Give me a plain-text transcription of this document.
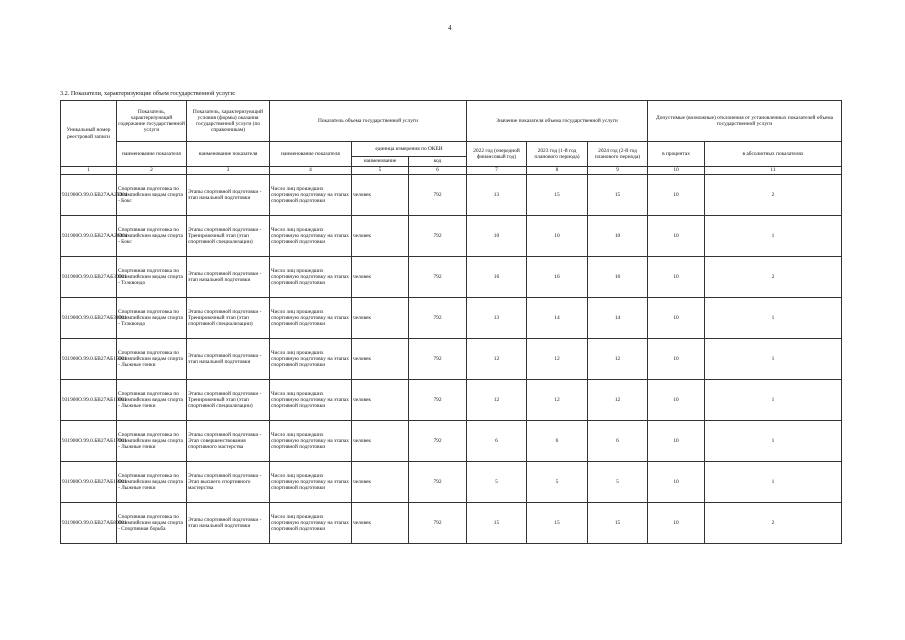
4
3.2. Показатели, характеризующие объем государственной услуги:
Уникальный номер реестровой записи	Показатель, характеризующий содержание государственной услуги	Показатель, характеризующий условия (формы) оказания государственной услуги (по справочникам)	Показатель объема государственной услуги			Значение показателя объема государственной услуги			Допустимые (возможные) отклонения от установленных показателей объема государственной услуги	
	наименование показателя	наименование показателя	наименование показателя	единица измерения по ОКЕИ		2022 год (очередной финансовый год)	2023 год (1-й год планового периода)	2024 год (2-й год планового периода)	в процентах	в абсолютных показателях
				наименование	код					
1	2	3	4	5	6	7	8	9	10	11
931900О.99.0.БВ27АА25001	Спортивная подготовка по Олимпийским видам спорта - Бокс	Этапы спортивной подготовки - этап начальной подготовки	Число лиц прошедших спортивную подготовку на этапах спортивной подготовки	человек	792	13	15	15	10	2
931900О.99.0.БВ27АА26001	Спортивная подготовка по Олимпийским видам спорта - Бокс	Этапы спортивной подготовки - Тренировочный этап (этап спортивной специализации)	Число лиц прошедших спортивную подготовку на этапах спортивной подготовки	человек	792	10	10	10	10	1
931900О.99.0.БВ27АБ30001	Спортивная подготовка по Олимпийским видам спорта - Тхэквондо	Этапы спортивной подготовки - этап начальной подготовки	Число лиц прошедших спортивную подготовку на этапах спортивной подготовки	человек	792	16	16	16	10	2
931900О.99.0.БВ27АБ31001	Спортивная подготовка по Олимпийским видам спорта - Тхэквондо	Этапы спортивной подготовки - Тренировочный этап (этап спортивной специализации)	Число лиц прошедших спортивную подготовку на этапах спортивной подготовки	человек	792	13	14	14	10	1
931900О.99.0.БВ27АБ15001	Спортивная подготовка по Олимпийским видам спорта - Лыжные гонки	Этапы спортивной подготовки - этап начальной подготовки	Число лиц прошедших спортивную подготовку на этапах спортивной подготовки	человек	792	12	12	12	10	1
931900О.99.0.БВ27АБ16001	Спортивная подготовка по Олимпийским видам спорта - Лыжные гонки	Этапы спортивной подготовки - Тренировочный этап (этап спортивной специализации)	Число лиц прошедших спортивную подготовку на этапах спортивной подготовки	человек	792	12	12	12	10	1
931900О.99.0.БВ27АБ17001	Спортивная подготовка по Олимпийским видам спорта - Лыжные гонки	Этапы спортивной подготовки - Этап совершенствования спортивного мастерства	Число лиц прошедших спортивную подготовку на этапах спортивной подготовки	человек	792	6	6	6	10	1
931900О.99.0.БВ27АБ18001	Спортивная подготовка по Олимпийским видам спорта - Лыжные гонки	Этапы спортивной подготовки - Этап высшего спортивного мастерства	Число лиц прошедших спортивную подготовку на этапах спортивной подготовки	человек	792	5	5	5	10	1
931900О.99.0.БВ27АБ80001	Спортивная подготовка по Олимпийским видам спорта - Спортивная борьба	Этапы спортивной подготовки - этап начальной подготовки	Число лиц прошедших спортивную подготовку на этапах спортивной подготовки	человек	792	15	15	15	10	2
